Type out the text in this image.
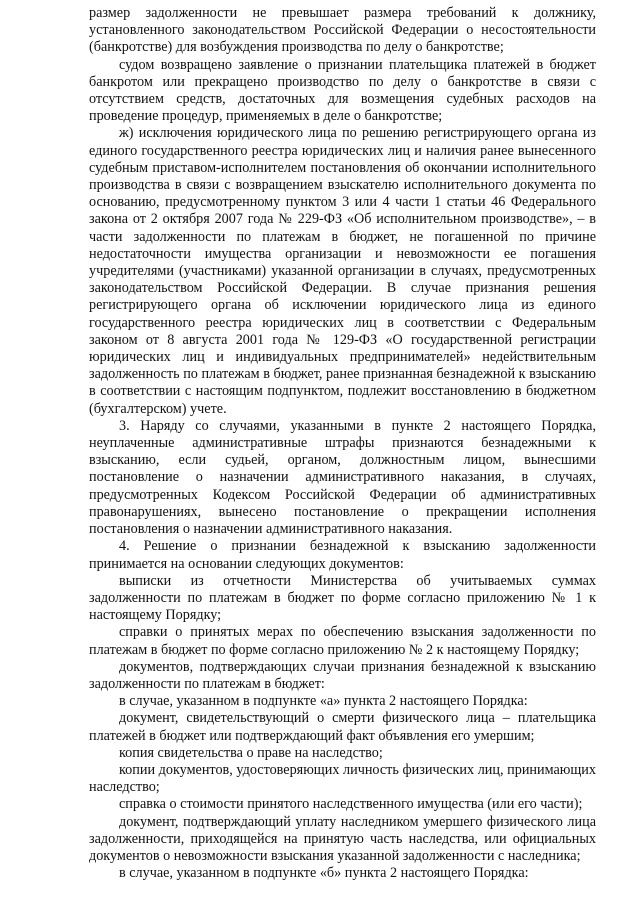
размер задолженности не превышает размера требований к должнику, установленного законодательством Российской Федерации о несостоятельности (банкротстве) для возбуждения производства по делу о банкротстве;

судом возвращено заявление о признании плательщика платежей в бюджет банкротом или прекращено производство по делу о банкротстве в связи с отсутствием средств, достаточных для возмещения судебных расходов на проведение процедур, применяемых в деле о банкротстве;

ж) исключения юридического лица по решению регистрирующего органа из единого государственного реестра юридических лиц и наличия ранее вынесенного судебным приставом-исполнителем постановления об окончании исполнительного производства в связи с возвращением взыскателю исполнительного документа по основанию, предусмотренному пунктом 3 или 4 части 1 статьи 46 Федерального закона от 2 октября 2007 года № 229-ФЗ «Об исполнительном производстве», – в части задолженности по платежам в бюджет, не погашенной по причине недостаточности имущества организации и невозможности ее погашения учредителями (участниками) указанной организации в случаях, предусмотренных законодательством Российской Федерации. В случае признания решения регистрирующего органа об исключении юридического лица из единого государственного реестра юридических лиц в соответствии с Федеральным законом от 8 августа 2001 года № 129-ФЗ «О государственной регистрации юридических лиц и индивидуальных предпринимателей» недействительным задолженность по платежам в бюджет, ранее признанная безнадежной к взысканию в соответствии с настоящим подпунктом, подлежит восстановлению в бюджетном (бухгалтерском) учете.

3. Наряду со случаями, указанными в пункте 2 настоящего Порядка, неуплаченные административные штрафы признаются безнадежными к взысканию, если судьей, органом, должностным лицом, вынесшими постановление о назначении административного наказания, в случаях, предусмотренных Кодексом Российской Федерации об административных правонарушениях, вынесено постановление о прекращении исполнения постановления о назначении административного наказания.

4. Решение о признании безнадежной к взысканию задолженности принимается на основании следующих документов:

выписки из отчетности Министерства об учитываемых суммах задолженности по платежам в бюджет по форме согласно приложению № 1 к настоящему Порядку;

справки о принятых мерах по обеспечению взыскания задолженности по платежам в бюджет по форме согласно приложению № 2 к настоящему Порядку;

документов, подтверждающих случаи признания безнадежной к взысканию задолженности по платежам в бюджет:

в случае, указанном в подпункте «а» пункта 2 настоящего Порядка:

документ, свидетельствующий о смерти физического лица – плательщика платежей в бюджет или подтверждающий факт объявления его умершим;

копия свидетельства о праве на наследство;

копии документов, удостоверяющих личность физических лиц, принимающих наследство;

справка о стоимости принятого наследственного имущества (или его части);

документ, подтверждающий уплату наследником умершего физического лица задолженности, приходящейся на принятую часть наследства, или официальных документов о невозможности взыскания указанной задолженности с наследника;

в случае, указанном в подпункте «б» пункта 2 настоящего Порядка:
